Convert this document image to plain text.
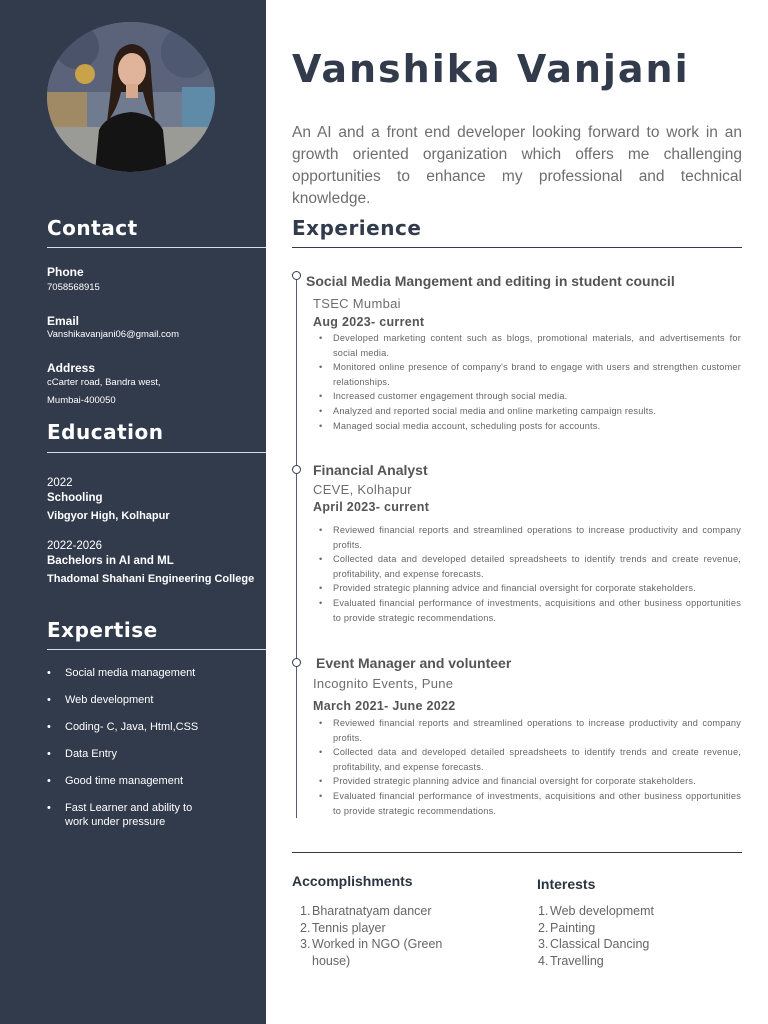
Contact
Phone
7058568915
Email
Vanshikavanjani06@gmail.com
Address
cCarter road, Bandra west,
Mumbai-400050
Education
2022
Schooling
Vibgyor High, Kolhapur
2022-2026
Bachelors in AI and ML
Thadomal Shahani Engineering College
Expertise
• Social media management
• Web development
• Coding- C, Java, Html,CSS
• Data Entry
• Good time management
• Fast Learner and ability to work under pressure
Vanshika Vanjani

An AI and a front end developer looking forward to work in an growth oriented organization which offers me challenging opportunities to enhance my professional and technical knowledge.

Experience
Social Media Mangement and editing in student council
TSEC Mumbai
Aug 2023- current
• Developed marketing content such as blogs, promotional materials, and advertisements for social media.
• Monitored online presence of company's brand to engage with users and strengthen customer relationships.
• Increased customer engagement through social media.
• Analyzed and reported social media and online marketing campaign results.
• Managed social media account, scheduling posts for accounts.
Financial Analyst
CEVE, Kolhapur
April 2023- current
• Reviewed financial reports and streamlined operations to increase productivity and company profits.
• Collected data and developed detailed spreadsheets to identify trends and create revenue, profitability, and expense forecasts.
• Provided strategic planning advice and financial oversight for corporate stakeholders.
• Evaluated financial performance of investments, acquisitions and other business opportunities to provide strategic recommendations.
Event Manager and volunteer
Incognito Events, Pune
March 2021- June 2022
• Reviewed financial reports and streamlined operations to increase productivity and company profits.
• Collected data and developed detailed spreadsheets to identify trends and create revenue, profitability, and expense forecasts.
• Provided strategic planning advice and financial oversight for corporate stakeholders.
• Evaluated financial performance of investments, acquisitions and other business opportunities to provide strategic recommendations.
Accomplishments
1. Bharatnatyam dancer
2. Tennis player
3. Worked in NGO (Green house)
Interests
1. Web developmemt
2. Painting
3. Classical Dancing
4. Travelling
